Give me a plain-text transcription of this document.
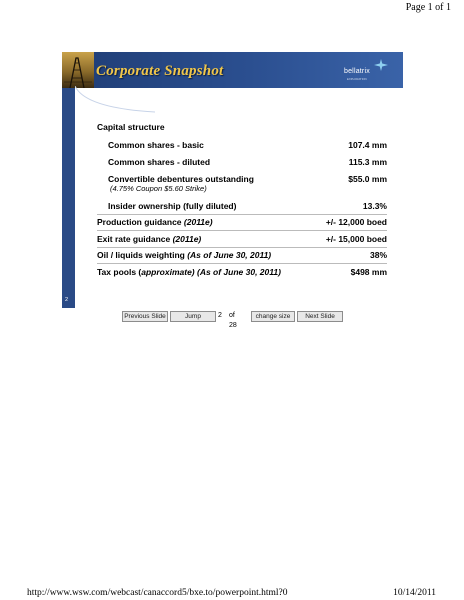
Page 1 of 1
2
Corporate Snapshot	bellatrix
EXPLORATION
Capital structure
Common shares - basic	107.4 mm
Common shares - diluted	115.3 mm
Convertible debentures outstanding	$55.0 mm
(4.75% Coupon $5.60 Strike)
Insider ownership (fully diluted)	13.3%
Production guidance (2011e)	+/- 12,000 boed
Exit rate guidance (2011e)	+/- 15,000 boed
Oil / liquids weighting (As of June 30, 2011)	38%
Tax pools (approximate) (As of June 30, 2011)	$498 mm
Previous Slide	Jump	2 of 28
change size	Next Slide
http://www.wsw.com/webcast/canaccord5/bxe.to/powerpoint.html?0	10/14/2011
